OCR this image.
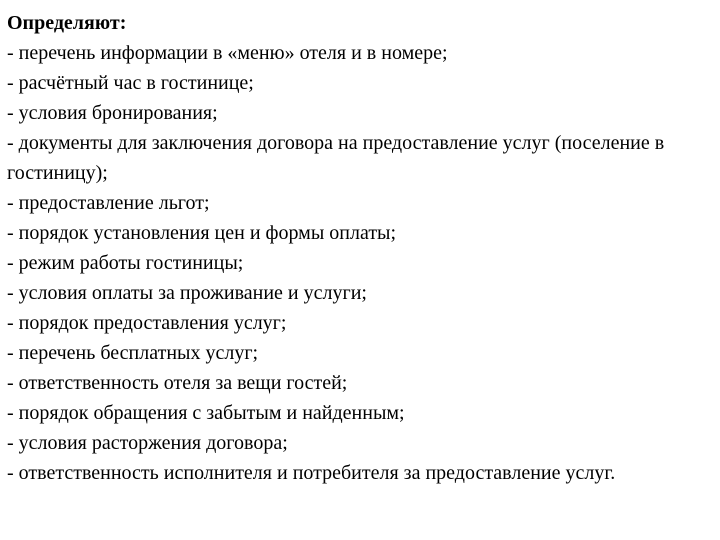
Определяют:

- перечень информации в «меню» отеля и в номере;
- расчётный час в гостинице;
- условия бронирования;
- документы для заключения договора на предоставление услуг (поселение в гостиницу);
- предоставление льгот;
- порядок установления цен и формы оплаты;
- режим работы гостиницы;
- условия оплаты за проживание и услуги;
- порядок предоставления услуг;
- перечень бесплатных услуг;
- ответственность отеля за вещи гостей;
- порядок обращения с забытым и найденным;
- условия расторжения договора;
- ответственность исполнителя и потребителя за предоставление услуг.
